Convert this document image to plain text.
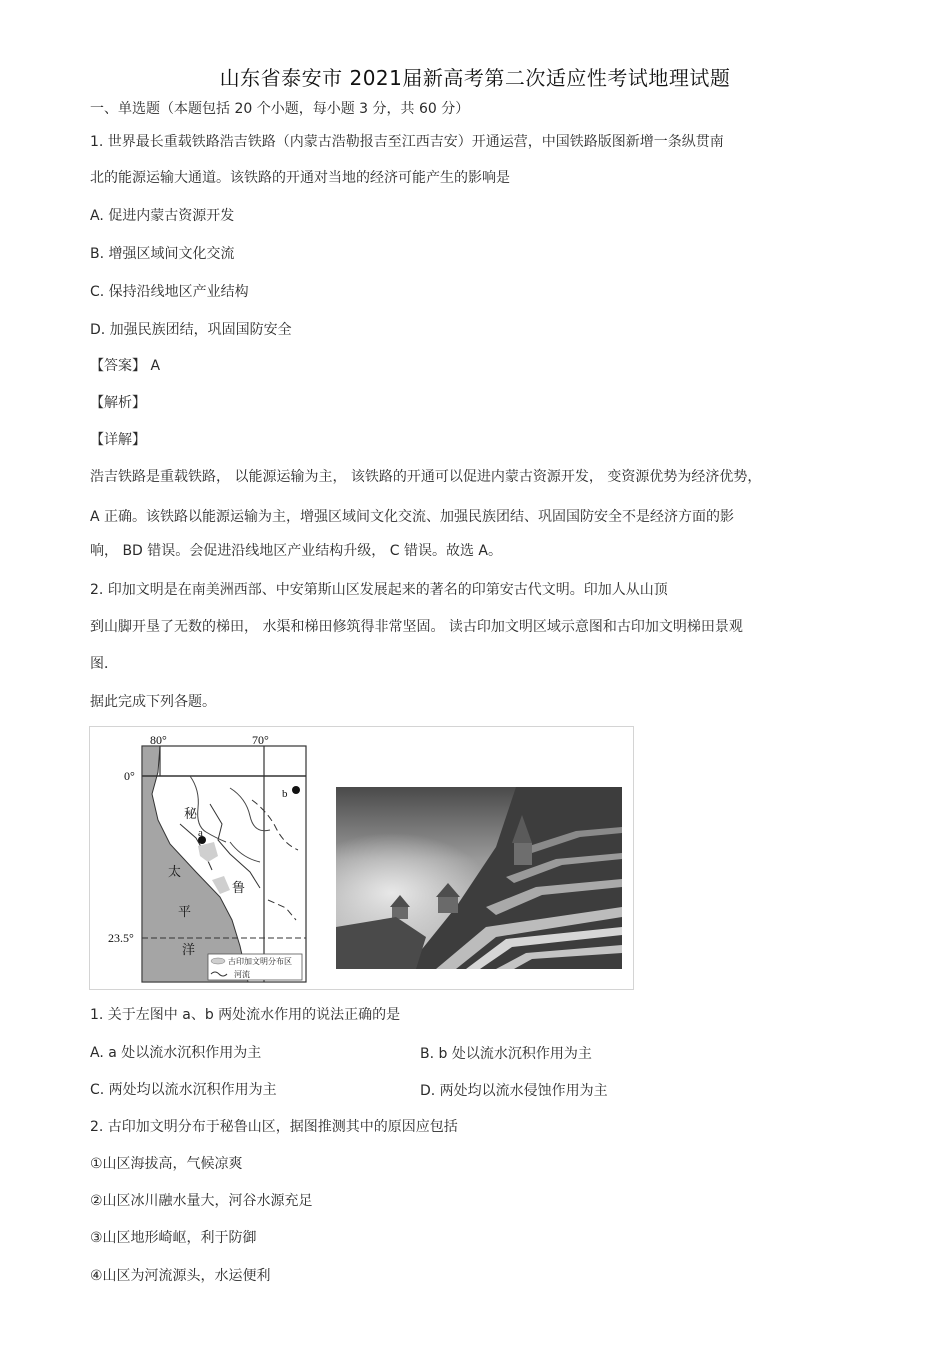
山东省泰安市 2021届新高考第二次适应性考试地理试题
一、单选题（本题包括 20 个小题，每小题 3 分，共 60 分）
1. 世界最长重载铁路浩吉铁路（内蒙古浩勒报吉至江西吉安）开通运营，中国铁路版图新增一条纵贯南
北的能源运输大通道。该铁路的开通对当地的经济可能产生的影响是
A. 促进内蒙古资源开发
B. 增强区域间文化交流
C. 保持沿线地区产业结构
D. 加强民族团结，巩固国防安全
【答案】 A
【解析】
【详解】
浩吉铁路是重载铁路， 以能源运输为主， 该铁路的开通可以促进内蒙古资源开发， 变资源优势为经济优势，
A 正确。该铁路以能源运输为主，增强区域间文化交流、加强民族团结、巩固国防安全不是经济方面的影
响， BD 错误。会促进沿线地区产业结构升级， C 错误。故选 A。
2. 印加文明是在南美洲西部、中安第斯山区发展起来的著名的印第安古代文明。印加人从山顶
到山脚开垦了无数的梯田， 水渠和梯田修筑得非常坚固。 读古印加文明区域示意图和古印加文明梯田景观
图．
据此完成下列各题。
80°	70°
0°
23.5°
a
b
秘
鲁
太
平
洋
古印加文明分布区
河流
1. 关于左图中 a、b 两处流水作用的说法正确的是
A. a 处以流水沉积作用为主	B. b 处以流水沉积作用为主
C. 两处均以流水沉积作用为主	D. 两处均以流水侵蚀作用为主
2. 古印加文明分布于秘鲁山区，据图推测其中的原因应包括
①山区海拔高，气候凉爽
②山区冰川融水量大，河谷水源充足
③山区地形崎岖，利于防御
④山区为河流源头，水运便利
